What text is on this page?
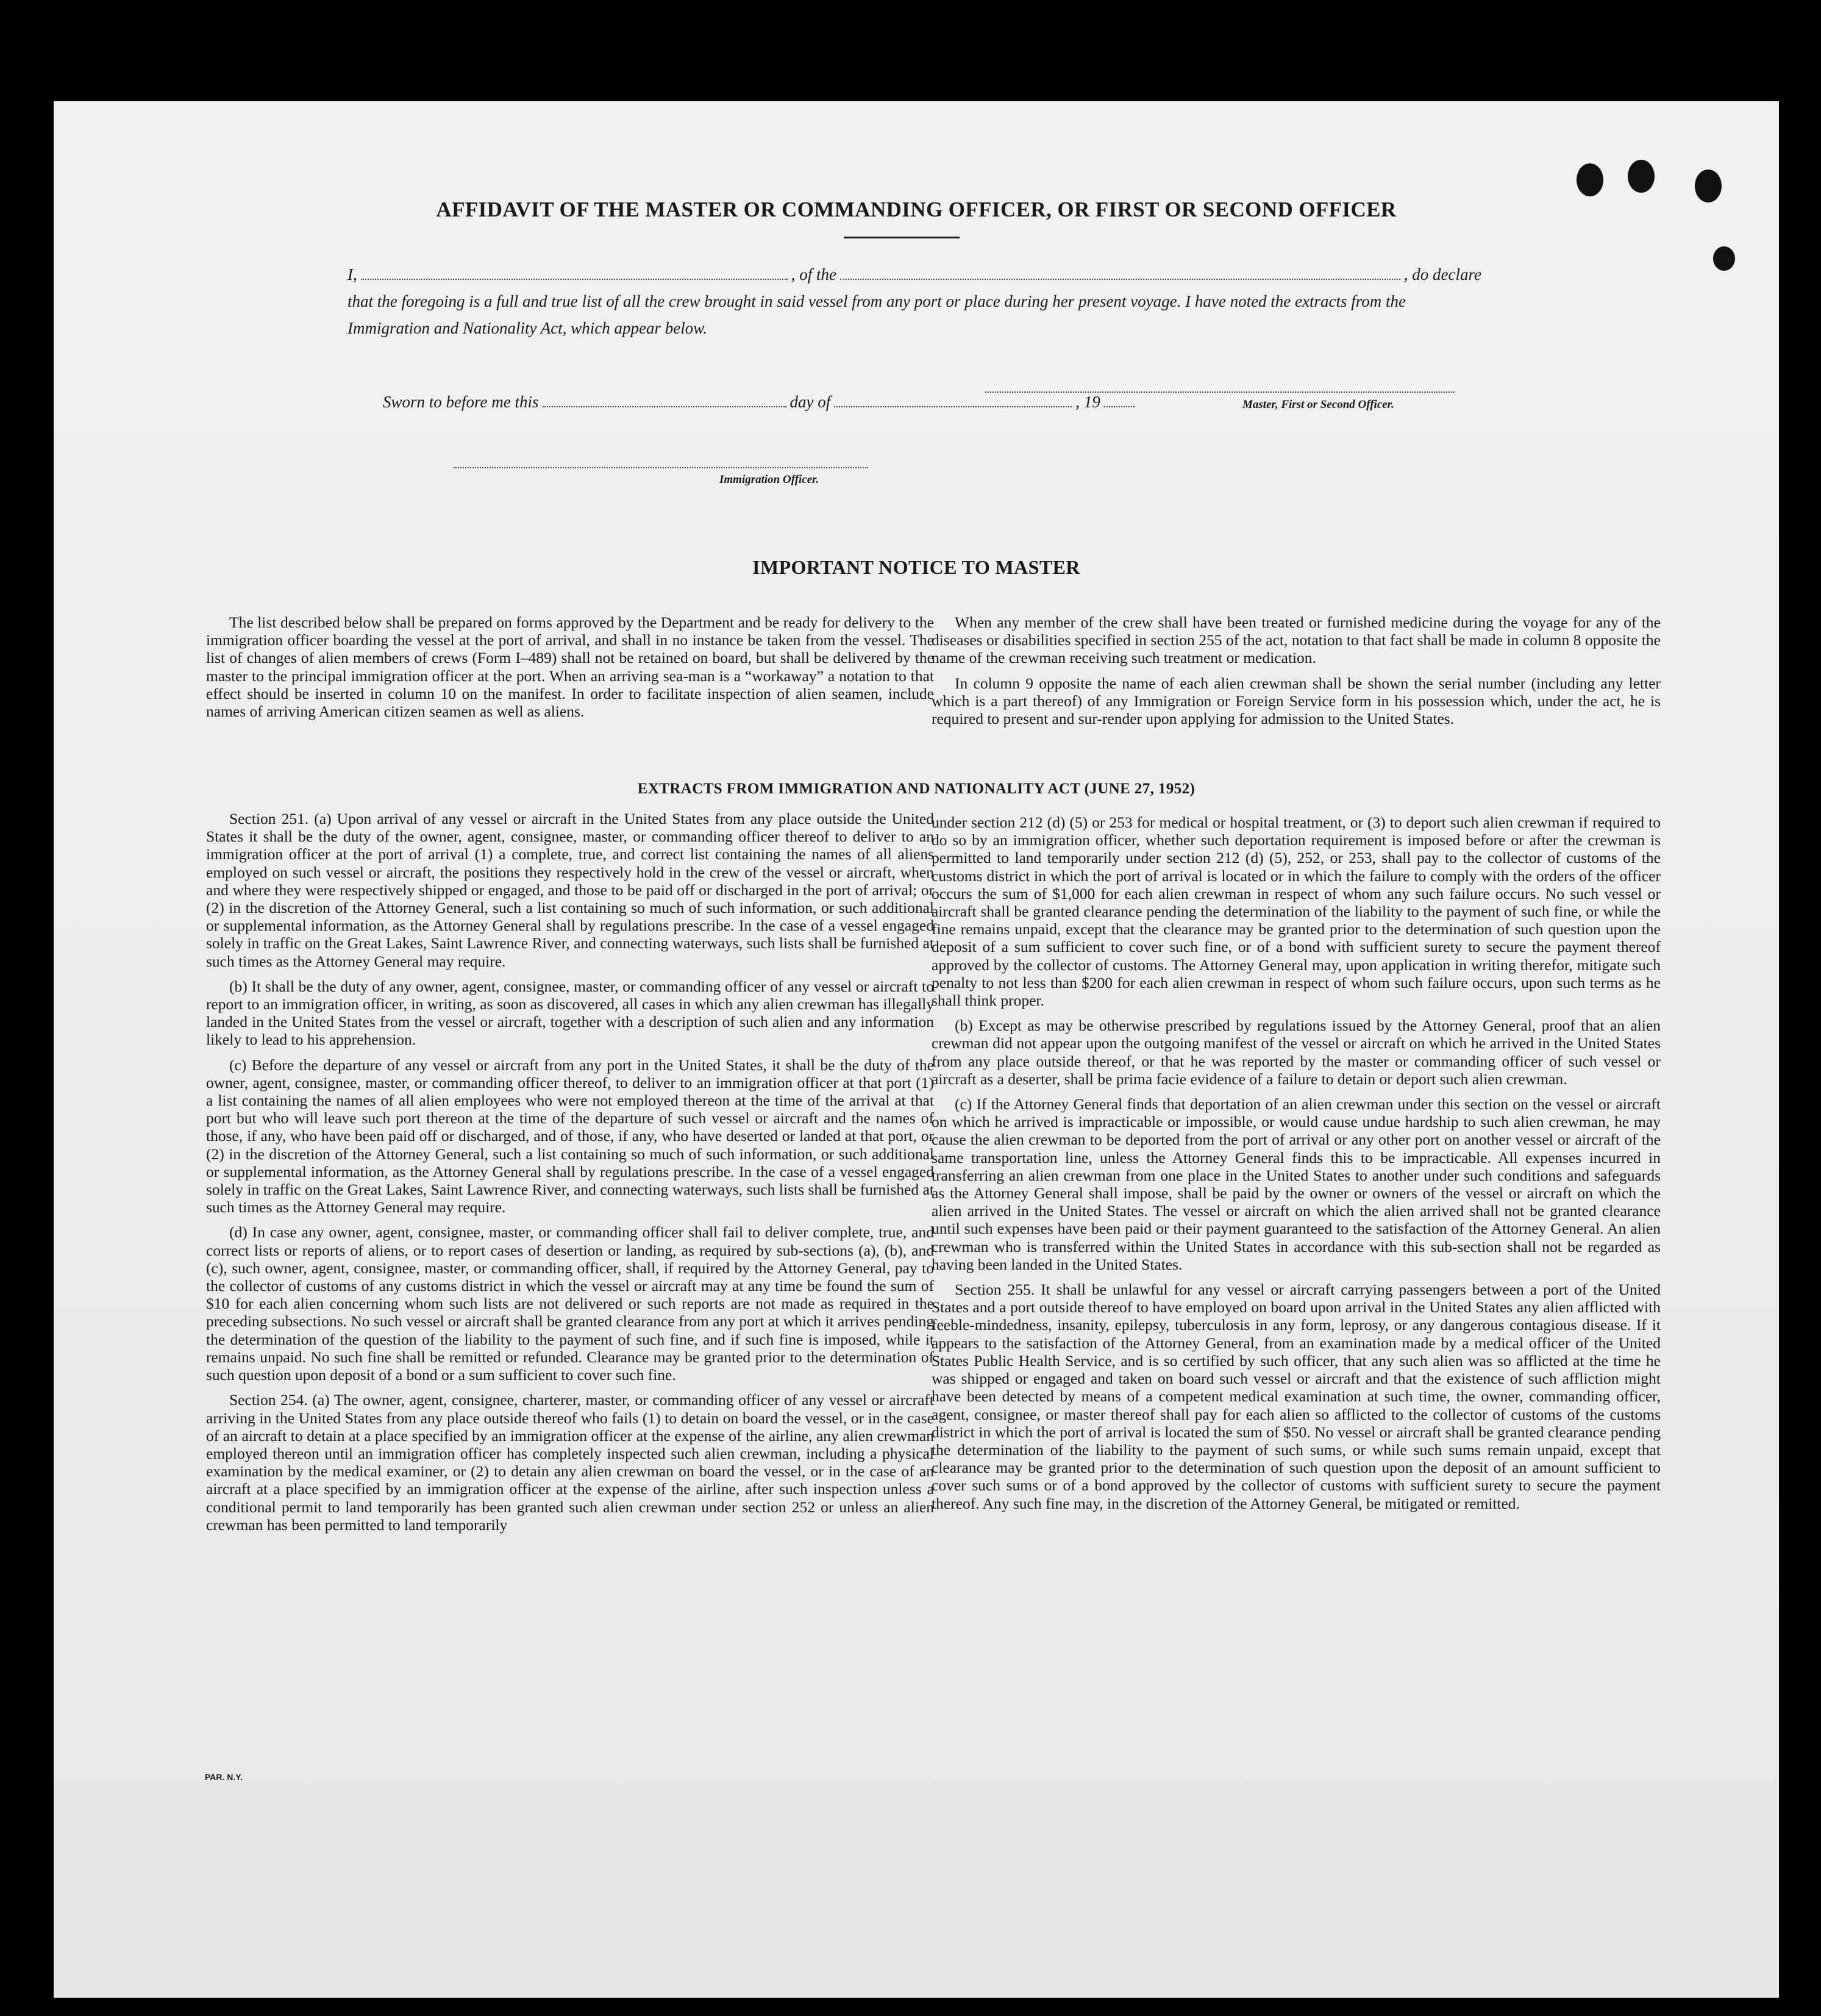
AFFIDAVIT OF THE MASTER OR COMMANDING OFFICER, OR FIRST OR SECOND OFFICER
I,	, of the	, do declare
that the foregoing is a full and true list of all the crew brought in said vessel from any port or place during her present voyage. I have noted the extracts from the Immigration and Nationality Act, which appear below.
Master, First or Second Officer.
Sworn to before me this	day of	, 19
Immigration Officer.
IMPORTANT NOTICE TO MASTER

The list described below shall be prepared on forms approved by the Department and be ready for delivery to the immigration officer boarding the vessel at the port of arrival, and shall in no instance be taken from the vessel. The list of changes of alien members of crews (Form I–489) shall not be retained on board, but shall be delivered by the master to the principal immigration officer at the port. When an arriving sea-man is a “workaway” a notation to that effect should be inserted in column 10 on the manifest. In order to facilitate inspection of alien seamen, include names of arriving American citizen seamen as well as aliens.

When any member of the crew shall have been treated or furnished medicine during the voyage for any of the diseases or disabilities specified in section 255 of the act, notation to that fact shall be made in column 8 opposite the name of the crewman receiving such treatment or medication.

In column 9 opposite the name of each alien crewman shall be shown the serial number (including any letter which is a part thereof) of any Immigration or Foreign Service form in his possession which, under the act, he is required to present and sur-render upon applying for admission to the United States.

EXTRACTS FROM IMMIGRATION AND NATIONALITY ACT (JUNE 27, 1952)

Section 251. (a) Upon arrival of any vessel or aircraft in the United States from any place outside the United States it shall be the duty of the owner, agent, consignee, master, or commanding officer thereof to deliver to an immigration officer at the port of arrival (1) a complete, true, and correct list containing the names of all aliens employed on such vessel or aircraft, the positions they respectively hold in the crew of the vessel or aircraft, when and where they were respectively shipped or engaged, and those to be paid off or discharged in the port of arrival; or (2) in the discretion of the Attorney General, such a list containing so much of such information, or such additional or supplemental information, as the Attorney General shall by regulations prescribe. In the case of a vessel engaged solely in traffic on the Great Lakes, Saint Lawrence River, and connecting waterways, such lists shall be furnished at such times as the Attorney General may require.

(b) It shall be the duty of any owner, agent, consignee, master, or commanding officer of any vessel or aircraft to report to an immigration officer, in writing, as soon as discovered, all cases in which any alien crewman has illegally landed in the United States from the vessel or aircraft, together with a description of such alien and any information likely to lead to his apprehension.

(c) Before the departure of any vessel or aircraft from any port in the United States, it shall be the duty of the owner, agent, consignee, master, or commanding officer thereof, to deliver to an immigration officer at that port (1) a list containing the names of all alien employees who were not employed thereon at the time of the arrival at that port but who will leave such port thereon at the time of the departure of such vessel or aircraft and the names of those, if any, who have been paid off or discharged, and of those, if any, who have deserted or landed at that port, or (2) in the discretion of the Attorney General, such a list containing so much of such information, or such additional or supplemental information, as the Attorney General shall by regulations prescribe. In the case of a vessel engaged solely in traffic on the Great Lakes, Saint Lawrence River, and connecting waterways, such lists shall be furnished at such times as the Attorney General may require.

(d) In case any owner, agent, consignee, master, or commanding officer shall fail to deliver complete, true, and correct lists or reports of aliens, or to report cases of desertion or landing, as required by sub-sections (a), (b), and (c), such owner, agent, consignee, master, or commanding officer, shall, if required by the Attorney General, pay to the collector of customs of any customs district in which the vessel or aircraft may at any time be found the sum of $10 for each alien concerning whom such lists are not delivered or such reports are not made as required in the preceding subsections. No such vessel or aircraft shall be granted clearance from any port at which it arrives pending the determination of the question of the liability to the payment of such fine, and if such fine is imposed, while it remains unpaid. No such fine shall be remitted or refunded. Clearance may be granted prior to the determination of such question upon deposit of a bond or a sum sufficient to cover such fine.

Section 254. (a) The owner, agent, consignee, charterer, master, or commanding officer of any vessel or aircraft arriving in the United States from any place outside thereof who fails (1) to detain on board the vessel, or in the case of an aircraft to detain at a place specified by an immigration officer at the expense of the airline, any alien crewman employed thereon until an immigration officer has completely inspected such alien crewman, including a physical examination by the medical examiner, or (2) to detain any alien crewman on board the vessel, or in the case of an aircraft at a place specified by an immigration officer at the expense of the airline, after such inspection unless a conditional permit to land temporarily has been granted such alien crewman under section 252 or unless an alien crewman has been permitted to land temporarily

under section 212 (d) (5) or 253 for medical or hospital treatment, or (3) to deport such alien crewman if required to do so by an immigration officer, whether such deportation requirement is imposed before or after the crewman is permitted to land temporarily under section 212 (d) (5), 252, or 253, shall pay to the collector of customs of the customs district in which the port of arrival is located or in which the failure to comply with the orders of the officer occurs the sum of $1,000 for each alien crewman in respect of whom any such failure occurs. No such vessel or aircraft shall be granted clearance pending the determination of the liability to the payment of such fine, or while the fine remains unpaid, except that the clearance may be granted prior to the determination of such question upon the deposit of a sum sufficient to cover such fine, or of a bond with sufficient surety to secure the payment thereof approved by the collector of customs. The Attorney General may, upon application in writing therefor, mitigate such penalty to not less than $200 for each alien crewman in respect of whom such failure occurs, upon such terms as he shall think proper.

(b) Except as may be otherwise prescribed by regulations issued by the Attorney General, proof that an alien crewman did not appear upon the outgoing manifest of the vessel or aircraft on which he arrived in the United States from any place outside thereof, or that he was reported by the master or commanding officer of such vessel or aircraft as a deserter, shall be prima facie evidence of a failure to detain or deport such alien crewman.

(c) If the Attorney General finds that deportation of an alien crewman under this section on the vessel or aircraft on which he arrived is impracticable or impossible, or would cause undue hardship to such alien crewman, he may cause the alien crewman to be deported from the port of arrival or any other port on another vessel or aircraft of the same transportation line, unless the Attorney General finds this to be impracticable. All expenses incurred in transferring an alien crewman from one place in the United States to another under such conditions and safeguards as the Attorney General shall impose, shall be paid by the owner or owners of the vessel or aircraft on which the alien arrived in the United States. The vessel or aircraft on which the alien arrived shall not be granted clearance until such expenses have been paid or their payment guaranteed to the satisfaction of the Attorney General. An alien crewman who is transferred within the United States in accordance with this sub-section shall not be regarded as having been landed in the United States.

Section 255. It shall be unlawful for any vessel or aircraft carrying passengers between a port of the United States and a port outside thereof to have employed on board upon arrival in the United States any alien afflicted with feeble-mindedness, insanity, epilepsy, tuberculosis in any form, leprosy, or any dangerous contagious disease. If it appears to the satisfaction of the Attorney General, from an examination made by a medical officer of the United States Public Health Service, and is so certified by such officer, that any such alien was so afflicted at the time he was shipped or engaged and taken on board such vessel or aircraft and that the existence of such affliction might have been detected by means of a competent medical examination at such time, the owner, commanding officer, agent, consignee, or master thereof shall pay for each alien so afflicted to the collector of customs of the customs district in which the port of arrival is located the sum of $50. No vessel or aircraft shall be granted clearance pending the determination of the liability to the payment of such sums, or while such sums remain unpaid, except that clearance may be granted prior to the determination of such question upon the deposit of an amount sufficient to cover such sums or of a bond approved by the collector of customs with sufficient surety to secure the payment thereof. Any such fine may, in the discretion of the Attorney General, be mitigated or remitted.

PAR. N.Y.
